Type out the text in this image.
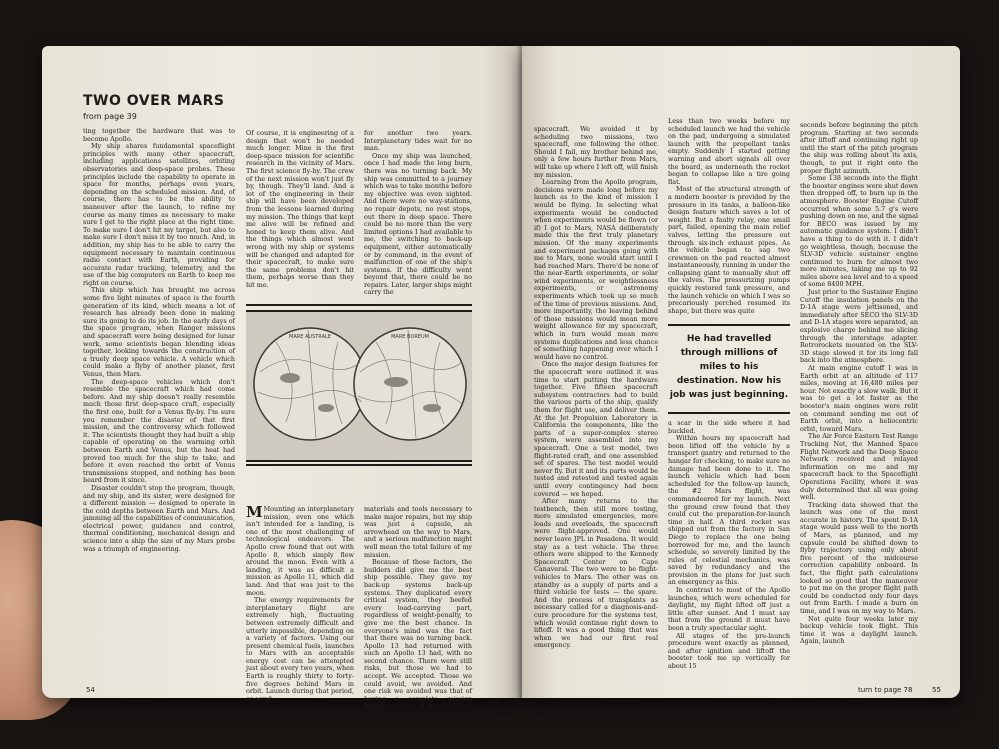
TWO OVER MARS
from page 39

ting together the hardware that was to become Apollo.

My ship shares fundamental spaceflight principles with many other spacecraft, including applications satellites, orbiting observatories and deep-space probes. These principles include the capability to operate in space for months, perhaps even years, depending on the scheduled mission. And, of course, there has to be the ability to maneuver after the launch, to refine my course as many times as necessary to make sure I get to the right place at the right time. To make sure I don't hit my target, but also to make sure I don't miss it by too much. And, in addition, my ship has to be able to carry the equipment necessary to maintain continuous radio contact with Earth, providing for accurate radar tracking, telemetry, and the use of the big computers on Earth to keep me right on course.

This ship which has brought me across some five light minutes of space is the fourth generation of its kind, which means a lot of research has already been done in making sure its going to do its job. In the early days of the space program, when Ranger missions and spacecraft were being designed for lunar work, some scientists began blending ideas together, looking towards the construction of a truely deep space vehicle. A vehicle which could make a flyby of another planet, first Venus, then Mars.

The deep-space vehicles which don't resemble the spacecraft which had come before. And my ship doesn't really resemble much those first deep-space craft, especially the first one, built for a Venus fly-by. I'm sure you remember the disaster of that first mission, and the controversy which followed it. The scientists thought they had built a ship capable of operating on the warming orbit between Earth and Venus, but the heat had proved too much for the ship to take, and before it even reached the orbit of Venus transmissions stopped, and nothing has been heard from it since.

Disaster couldn't stop the program, though, and my ship, and its sister, were designed for a different mission — designed to operate in the cold depths between Earth and Mars. And jamming all the capabilities of communication, electrical power, guidance and control, thermal conditioning, mechanical design and science into a ship the size of my Mars probe was a triumph of engineering.

Of course, it is engineering of a design that won't be needed much longer. Mine is the first deep-space mission for scientific research in the vicinity of Mars. The first science fly-by. The crew of the next mission won't just fly by, though. They'll land. And a lot of the engineering in their ship will have been developed from the lessons learned during my mission. The things that kept me alive will be refined and honed to keep them alive. And the things which almost went wrong with my ship or systems will be changed and adapted for their spacecraft, to make sure the same problems don't hit them, perhaps worse than they hit me.

for another two years. Interplanetary tides wait for no man.

Once my ship was launched, once I had made the long burn, there was no turning back. My ship was committed to a journey which was to take months before my objective was even sighted. And there were no way-stations, no repair depots, no rest stops, out there in deep space. There could be no more than the very limited options I had available to me, the switching to back-up equipment, either automatically or by command, in the event of malfunction of one of the ship's systems. If the difficulty went beyond that, there could be no repairs. Later, larger ships might carry the

MARE AUSTRALE	MARE BOREUM

M Mounting an interplanetary mission, even one which isn't intended for a landing, is one of the most challenging of technological endeavors. The Apollo crew found that out with Apollo 8, which simply flew around the moon. Even with a landing, it was as difficult a mission as Apollo 11, which did land. And that was just to the moon.

The energy requirements for interplanetary flight are extremely high, fluctuating between extremely difficult and utterly impossible, depending on a variety of factors. Using our present chemical fuels, launches to Mars with an acceptable energy cost can be attempted just about every two years, when Earth is roughly thirty to forty-five degrees behind Mars in orbit. Launch during that period, or scrub

materials and tools necessary to make major repairs, but my ship was just a capsule, an arrowhead on the way to Mars, and a serious malfunction might well mean the total failure of my mission.

Because of those factors, the builders did give me the best ship possible. They gave my back-up systems back-up systems. They duplicated every critical system, they beefed every load-carrying part, regardless of weight-penalty, to give me the best chance. In everyone's mind was the fact that there was no turning back. Apollo 13 had returned with such an Apollo 13 had, with no second chance. There were still risks, but those we had to accept. We accepted. Those we could avoid, we avoided. And one risk we avoided was that of having a complete mission failure because of the failure of my

54

spacecraft. We avoided it by scheduling two missions, two spacecraft, one following the other. Should I fail, my brother behind me, only a few hours further from Mars, will take up where I left off, will finish my mission.

Learning from the Apollo program, decisions were made long before my launch as to the kind of mission I would be flying. In selecting what experiments would be conducted when experiments would be flown (or if) I got to Mars, NASA deliberately made this the first truly planetary mission. Of the many experiments and experiment packages going with me to Mars, none would start until I had reached Mars. There'd be none of the near-Earth experiments, or solar wind experiments, or weightlessness experiments, or astronomy experiments which took up so much of the time of previous missions. And, more importantly, the leaving behind of those missions would mean more weight allowance for my spacecraft, which in turn would mean more systems duplications and less chance of something happening over which I would have no control.

Once the major design features for the spacecraft were outlined it was time to start putting the hardware together. Five fifteen spacecraft subsystem contractors had to build the various parts of the ship, qualify them for flight use, and deliver them. At the Jet Propulsion Laboratory in California the components, like the parts of a super-complex stereo system, were assembled into my spacecraft. One a test model, two flight-rated craft, and one assembled set of spares. The test model would never fly. But it and its parts would be tested and retested and tested again until every contingency had been covered — we hoped.

After many returns to the testbench, then still more testing, more simulated emergencies, more loads and overloads, the spacecraft were flight-approved. One would never leave JPL in Pasadena. It would stay as a test vehicle. The three others were shipped to the Kennedy Spacecraft Center on Cape Canaveral. The two were to be flight-vehicles to Mars. The other was on standby as a supply of parts and a third vehicle for tests — the spare. And the process of transplants as necessary called for a diagnosis-and-cure procedure for the systems test, which would continue right down to liftoff. It was a good thing that was when we had our first real emergency.

Less than two weeks before my scheduled launch we had the vehicle on the pad, undergoing a simulated launch with the propellant tanks empty. Suddenly I started getting warning and abort signals all over the board, as underneath the rocket began to collapse like a tire going flat.

Most of the structural strength of a modern booster is provided by the pressure in its tanks, a balloon-like design feature which saves a lot of weight. But a faulty relay, one small part, failed, opening the main relief valves, letting the pressure out through six-inch exhaust pipes. As the vehicle began to sag two crewmen on the pad reacted almost instantaneously, running in under the collapsing giant to manually shut off the valves. The pressurizing pumps quickly restored tank pressure, and the launch vehicle on which I was so precariously perched resumed its shape, but there was quite

He had travelled through millions of miles to his destination. Now his job was just beginning.

a scar in the side where it had buckled.

Within hours my spacecraft had been lifted off the vehicle by a transport gantry and returned to the hangar for checking, to make sure no damage had been done to it. The launch vehicle which had been scheduled for the follow-up launch, the #2 Mars flight, was commandeered for my launch. Next the ground crew found that they could cut the preparation-for-launch time in half. A third rocket was shipped out from the factory in San Diego to replace the one being borrowed for me, and the launch schedule, so severely limited by the rules of celestial mechanics, was saved by redundancy and the provision in the plans for just such an emergency as this.

In contrast to most of the Apollo launches, which were scheduled for daylight, my flight lifted off just a little after sunset. And I must say that from the ground it must have been a truly spectacular sight.

All stages of the pre-launch procedure went exactly as planned, and after ignition and liftoff the booster took me up vertically for about 15

seconds before beginning the pitch program. Starting at two seconds after liftoff and continuing right up until the start of the pitch program the ship was rolling about its axis, though, to put it right onto the proper flight azimuth.

Some 138 seconds into the flight the booster engines were shut down then dropped off, to burn up in the atmosphere. Booster Engine Cutoff occurred when some 5.7 g's were pushing down on me, and the signal for BECO was issued by my automatic guidance system. I didn't have a thing to do with it. I didn't go weightless, though, because the SLV-3D vehicle sustainer engine continued to burn for almost two more minutes, taking me up to 92 miles above sea level and to a speed of some 8400 MPH.

Just prior to the Sustainer Engine Cutoff the insulation panels on the D-1A stage were jettisoned, and immediately after SECO the SLV-3D and D-1A stages were separated, an explosive charge behind me slicing through the interstage adapter. Retrorockets mounted on the SLV-3D stage slowed it for its long fall back into the atmosphere.

At main engine cutoff I was in Earth orbit at an altitude of 117 miles, moving at 16,480 miles per hour. Not exactly a slow walk. But it was to get a lot faster as the booster's main engines were relit on command sending me out of Earth orbit, into a heliocentric orbit, toward Mars.

The Air Force Eastern Test Range Tracking Net, the Manned Space Flight Network and the Deep Space Network received and relayed information on me and my spacecraft back to the Spaceflight Operations Facility, where it was duly determined that all was going well.

Tracking data showed that the launch was one of the most accurate in history. The spent D-1A stage would pass well to the north of Mars, as planned, and my capsule could be shifted down to flyby trajectory using only about five percent of the midcourse correction capability onboard. In fact, the flight path calculations looked so good that the maneuver to put me on the proper flight path could be conducted only four days out from Earth. I made a burn on time, and I was on my way to Mars.

Not quite four weeks later my backup vehicle took flight. This time it was a daylight launch. Again, launch

turn to page 78	55
